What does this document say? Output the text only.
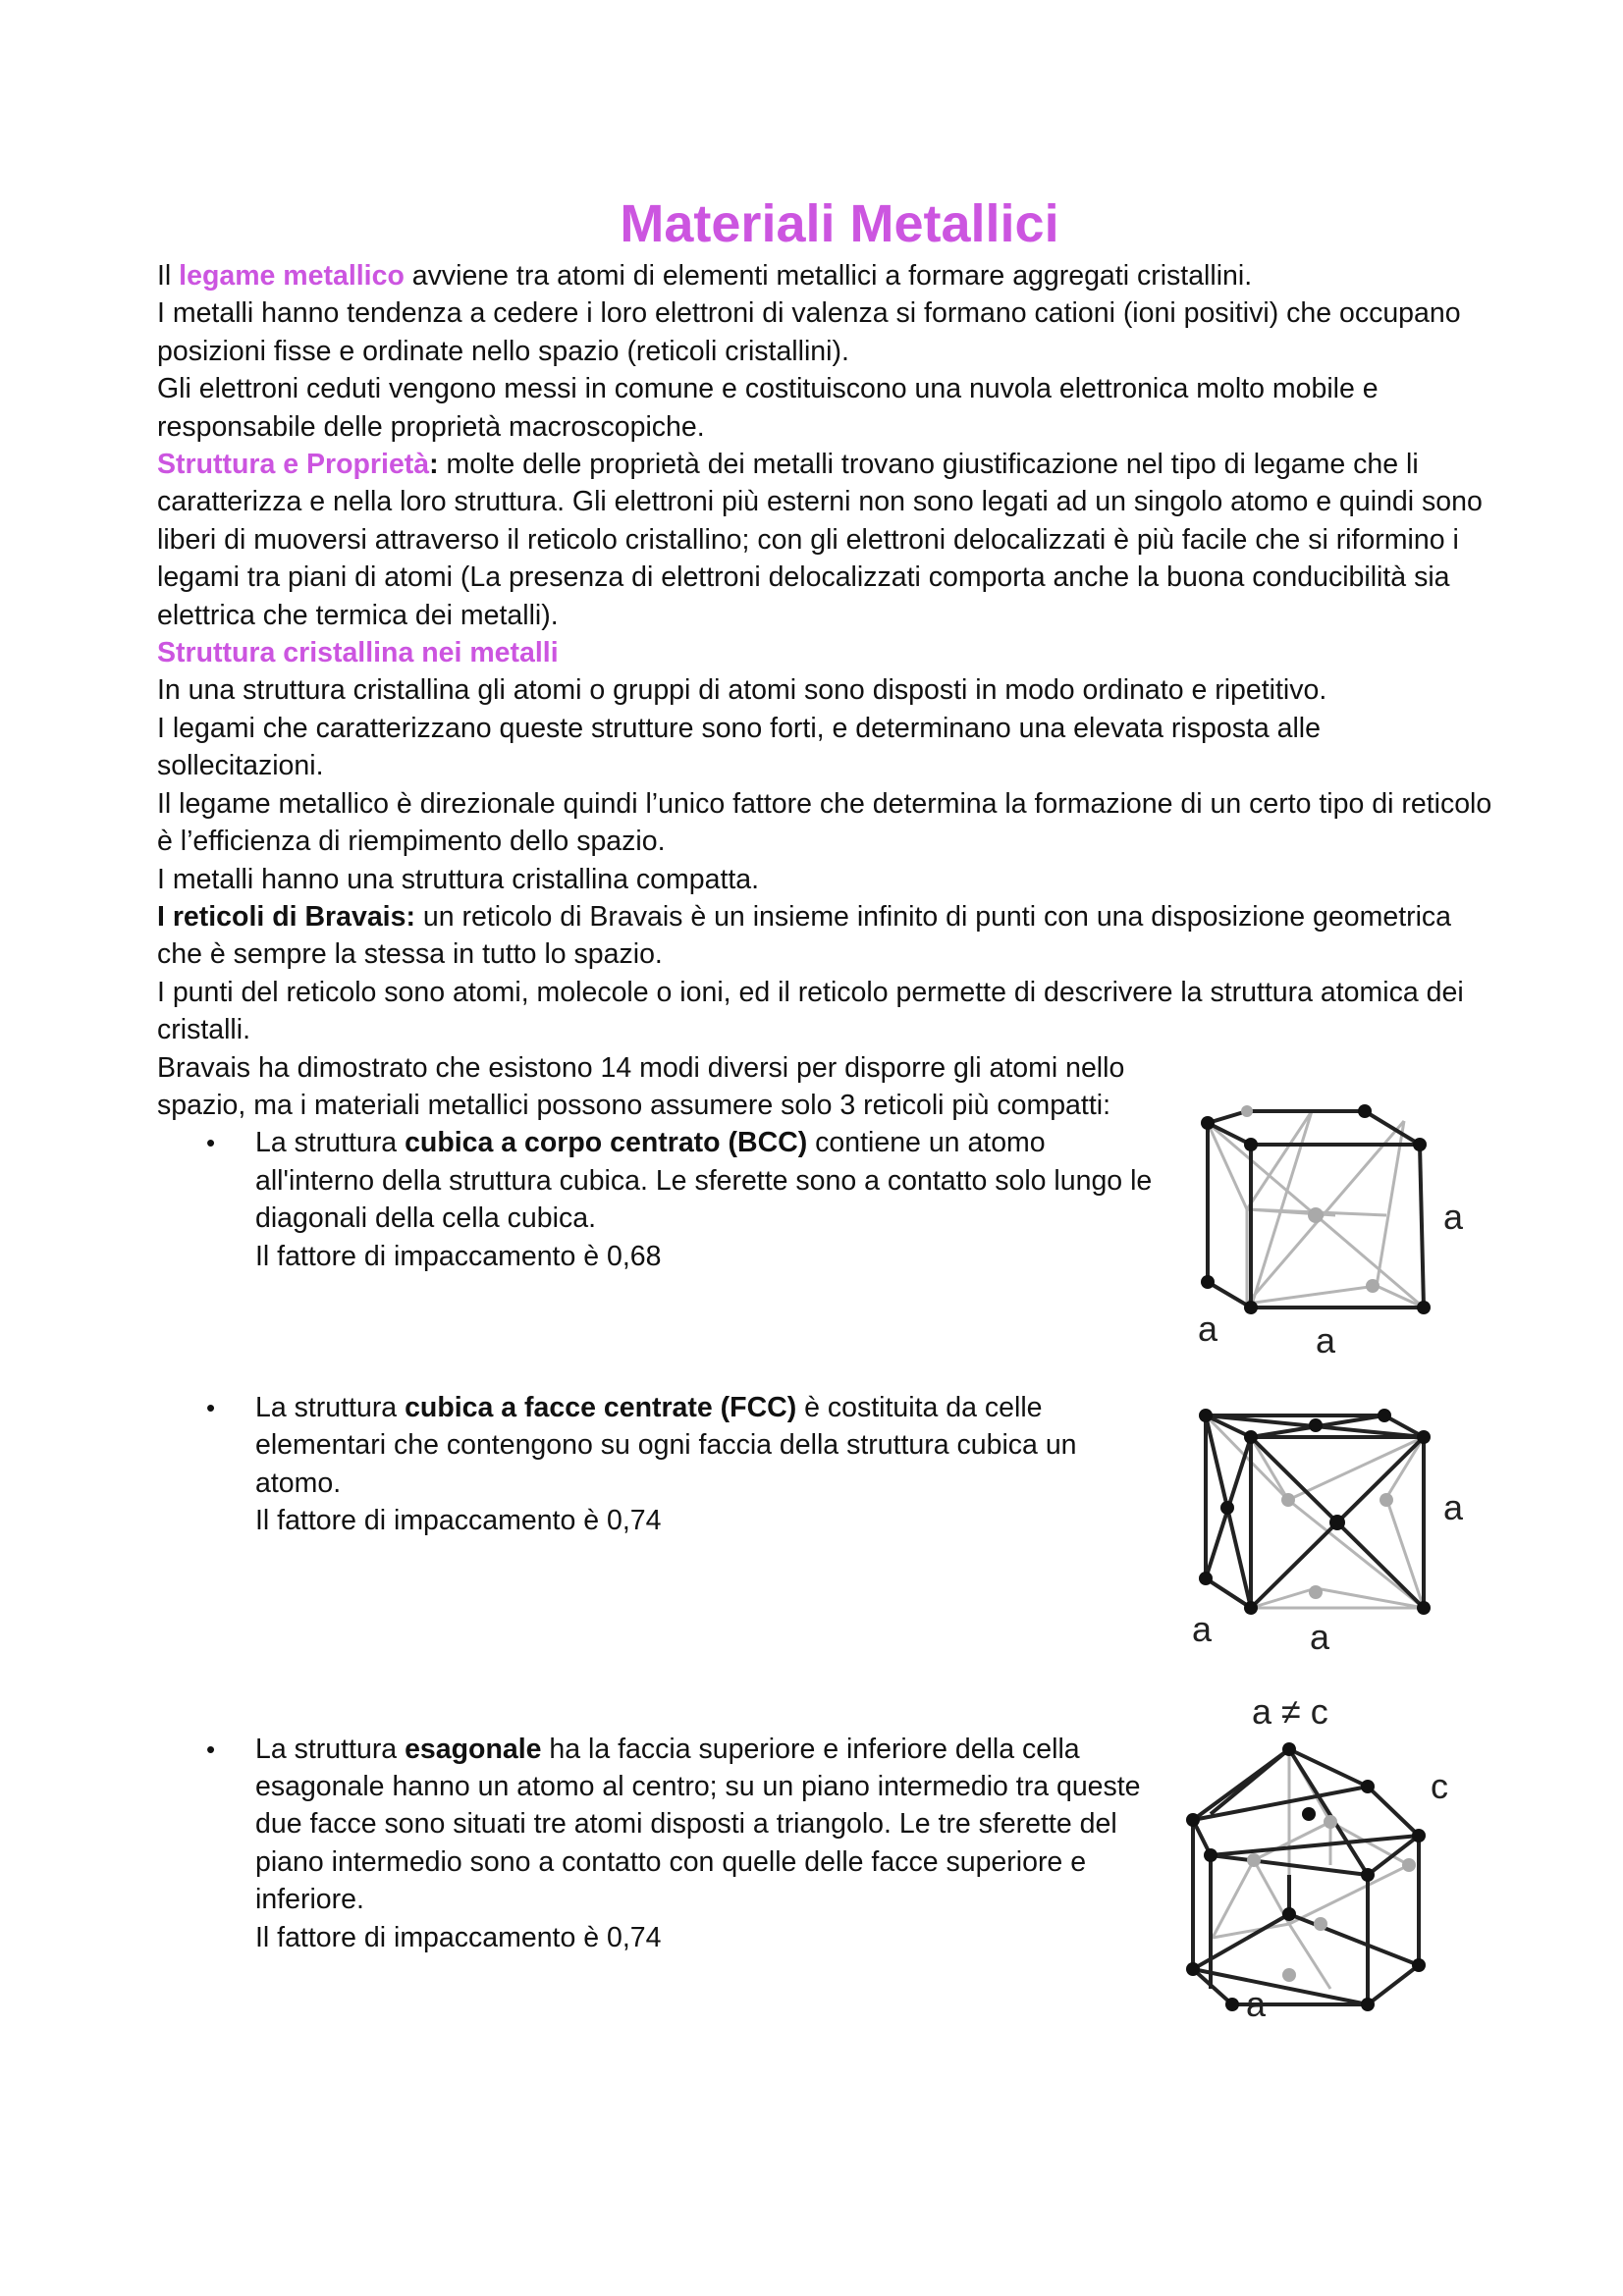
Materiali Metallici

Il legame metallico avviene tra atomi di elementi metallici a formare aggregati cristallini.

I metalli hanno tendenza a cedere i loro elettroni di valenza si formano cationi (ioni positivi) che occupano posizioni fisse e ordinate nello spazio (reticoli cristallini).

Gli elettroni ceduti vengono messi in comune e costituiscono una nuvola elettronica molto mobile e responsabile delle proprietà macroscopiche.

Struttura e Proprietà: molte delle proprietà dei metalli trovano giustificazione nel tipo di legame che li caratterizza e nella loro struttura. Gli elettroni più esterni non sono legati ad un singolo atomo e quindi sono liberi di muoversi attraverso il reticolo cristallino; con gli elettroni delocalizzati è più facile che si riformino i legami tra piani di atomi (La presenza di elettroni delocalizzati comporta anche la buona conducibilità sia elettrica che termica dei metalli).

Struttura cristallina nei metalli

In una struttura cristallina gli atomi o gruppi di atomi sono disposti in modo ordinato e ripetitivo.

I legami che caratterizzano queste strutture sono forti, e determinano una elevata risposta alle sollecitazioni.

Il legame metallico è direzionale quindi l’unico fattore che determina la formazione di un certo tipo di reticolo è l’efficienza di riempimento dello spazio.

I metalli hanno una struttura cristallina compatta.

I reticoli di Bravais: un reticolo di Bravais è un insieme infinito di punti con una disposizione geometrica che è sempre la stessa in tutto lo spazio.

I punti del reticolo sono atomi, molecole o ioni, ed il reticolo permette di descrivere la struttura atomica dei cristalli.

Bravais ha dimostrato che esistono 14 modi diversi per disporre gli atomi nello spazio, ma i materiali metallici possono assumere solo 3 reticoli più compatti:

• La struttura cubica a corpo centrato (BCC) contiene un atomo all'interno della struttura cubica. Le sferette sono a contatto solo lungo le diagonali della cella cubica.
Il fattore di impaccamento è 0,68
• La struttura cubica a facce centrate (FCC) è costituita da celle elementari che contengono su ogni faccia della struttura cubica un atomo.
Il fattore di impaccamento è 0,74
• La struttura esagonale ha la faccia superiore e inferiore della cella esagonale hanno un atomo al centro; su un piano intermedio tra queste due facce sono situati tre atomi disposti a triangolo. Le tre sferette del piano intermedio sono a contatto con quelle delle facce superiore e inferiore.
Il fattore di impaccamento è 0,74
a
a	a
a
a	a
a ≠ c
c
a
